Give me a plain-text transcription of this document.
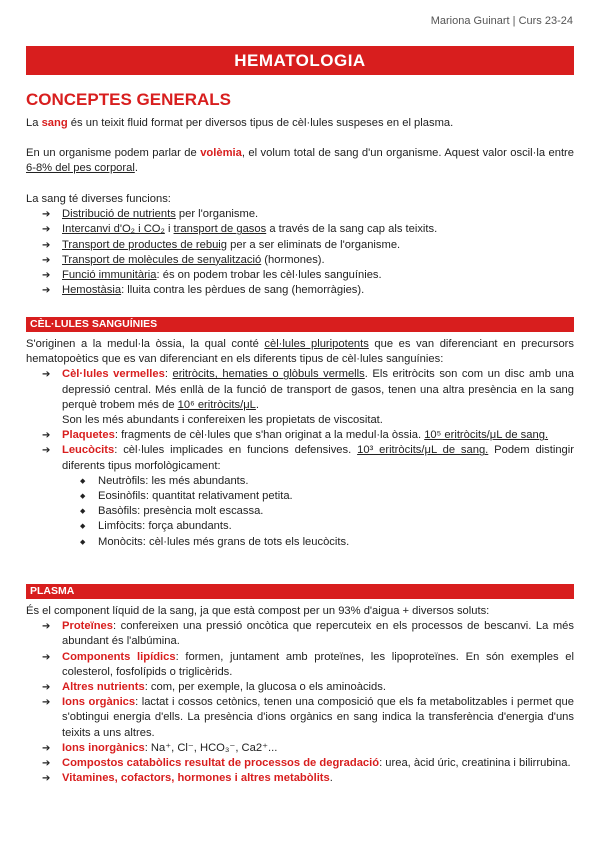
Mariona Guinart | Curs 23-24
HEMATOLOGIA
CONCEPTES GENERALS

La sang és un teixit fluid format per diversos tipus de cèl·lules suspeses en el plasma.

En un organisme podem parlar de volèmia, el volum total de sang d'un organisme. Aquest valor oscil·la entre 6-8% del pes corporal.

La sang té diverses funcions:

➔ Distribució de nutrients per l'organisme.
➔ Intercanvi d'O₂ i CO₂ i transport de gasos a través de la sang cap als teixits.
➔ Transport de productes de rebuig per a ser eliminats de l'organisme.
➔ Transport de molècules de senyalització (hormones).
➔ Funció immunitària: és on podem trobar les cèl·lules sanguínies.
➔ Hemostàsia: lluita contra les pèrdues de sang (hemorràgies).
CÈL·LULES SANGUÍNIES

S'originen a la medul·la òssia, la qual conté cèl·lules pluripotents que es van diferenciant en precursors hematopoètics que es van diferenciant en els diferents tipus de cèl·lules sanguínies:

➔ Cèl·lules vermelles: eritròcits, hematies o glòbuls vermells. Els eritròcits son com un disc amb una depressió central. Més enllà de la funció de transport de gasos, tenen una altra presència en la sang perquè trobem més de 10⁶ eritròcits/μL.
Son les més abundants i confereixen les propietats de viscositat.
➔ Plaquetes: fragments de cèl·lules que s'han originat a la medul·la òssia. 10⁵ eritròcits/μL de sang.
➔ Leucòcits: cèl·lules implicades en funcions defensives. 10³ eritròcits/μL de sang. Podem distingir diferents tipus morfològicament:
◆ Neutròfils: les més abundants.
◆ Eosinòfils: quantitat relativament petita.
◆ Basòfils: presència molt escassa.
◆ Limfòcits: força abundants.
◆ Monòcits: cèl·lules més grans de tots els leucòcits.
PLASMA

És el component líquid de la sang, ja que està compost per un 93% d'aigua + diversos soluts:

➔ Proteïnes: confereixen una pressió oncòtica que repercuteix en els processos de bescanvi. La més abundant és l'albúmina.
➔ Components lipídics: formen, juntament amb proteïnes, les lipoproteïnes. En són exemples el colesterol, fosfolípids o triglicèrids.
➔ Altres nutrients: com, per exemple, la glucosa o els aminoàcids.
➔ Ions orgànics: lactat i cossos cetònics, tenen una composició que els fa metabolitzables i permet que s'obtingui energia d'ells. La presència d'ions orgànics en sang indica la transferència d'energia d'uns teixits a uns altres.
➔ Ions inorgànics: Na⁺, Cl⁻, HCO₃⁻, Ca2⁺...
➔ Compostos catabòlics resultat de processos de degradació: urea, àcid úric, creatinina i bilirrubina.
➔ Vitamines, cofactors, hormones i altres metabòlits.
